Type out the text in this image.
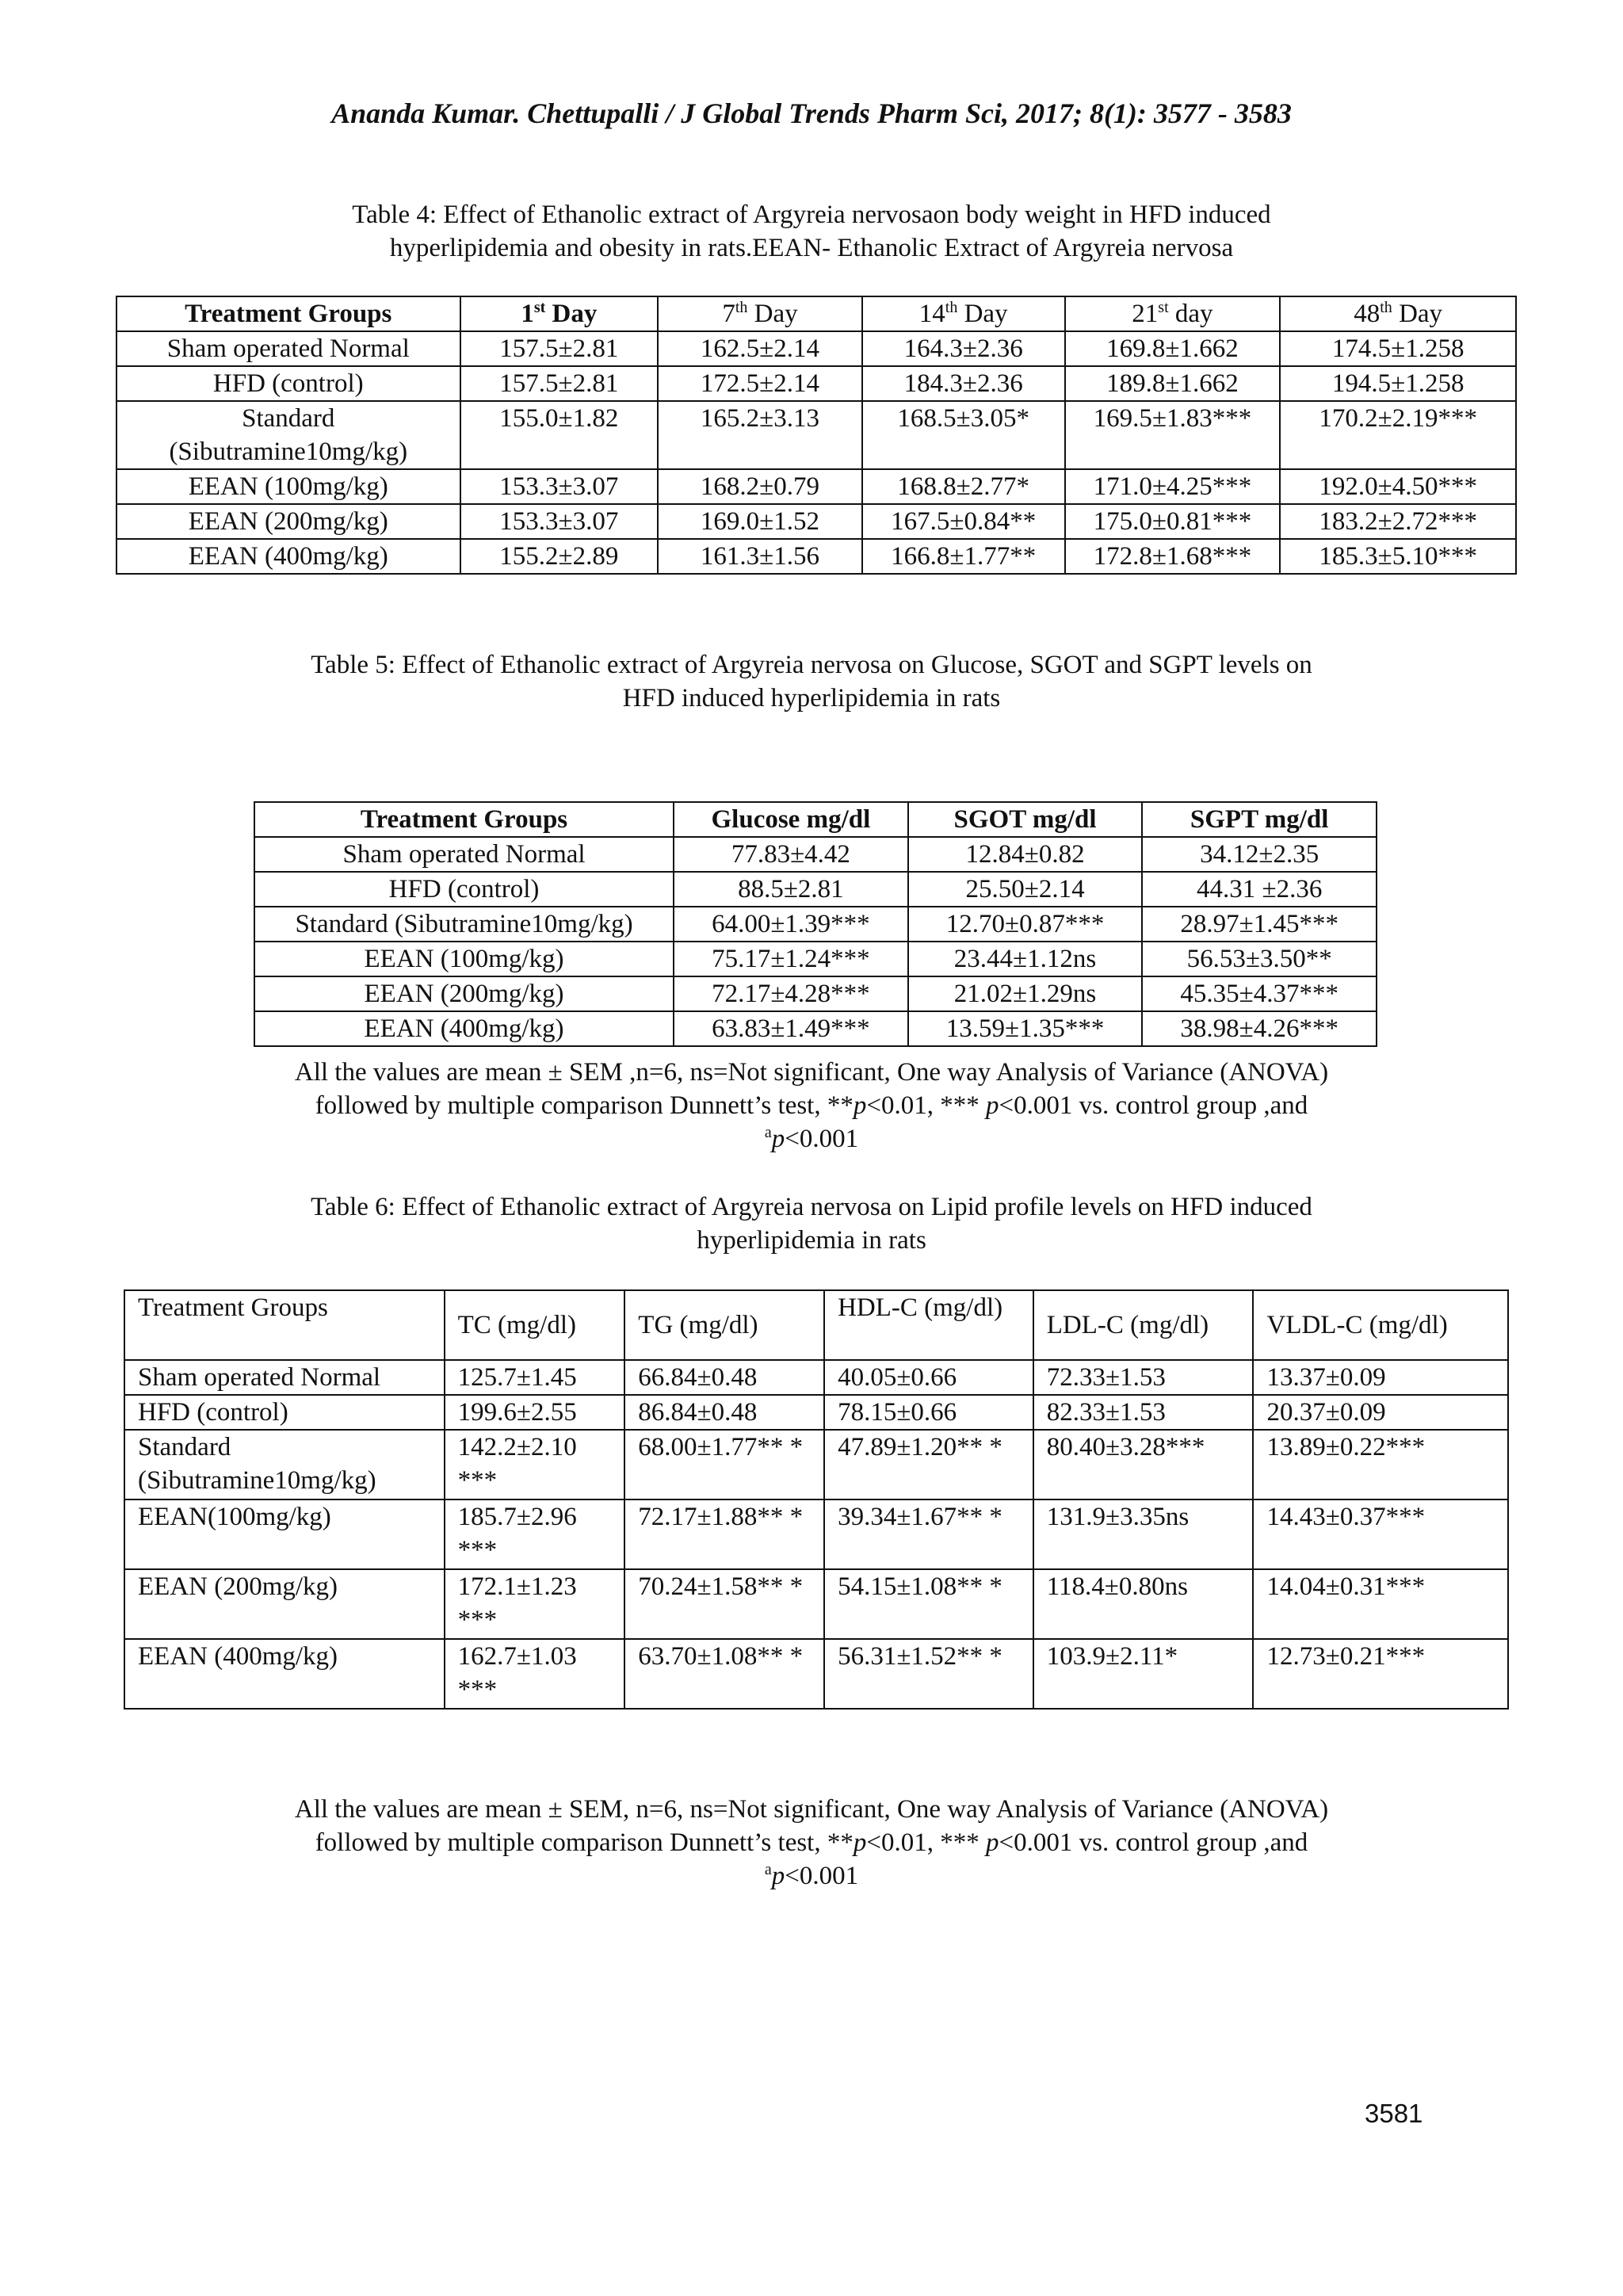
Ananda Kumar. Chettupalli / J Global Trends Pharm Sci, 2017; 8(1): 3577 - 3583
Table 4: Effect of Ethanolic extract of Argyreia nervosaon body weight in HFD induced
hyperlipidemia and obesity in rats.EEAN- Ethanolic Extract of Argyreia nervosa
Treatment Groups	1st Day	7th Day	14th Day	21st day	48th Day
Sham operated Normal	157.5±2.81	162.5±2.14	164.3±2.36	169.8±1.662	174.5±1.258
HFD (control)	157.5±2.81	172.5±2.14	184.3±2.36	189.8±1.662	194.5±1.258
Standard (Sibutramine10mg/kg)	155.0±1.82	165.2±3.13	168.5±3.05*	169.5±1.83***	170.2±2.19***
EEAN (100mg/kg)	153.3±3.07	168.2±0.79	168.8±2.77*	171.0±4.25***	192.0±4.50***
EEAN (200mg/kg)	153.3±3.07	169.0±1.52	167.5±0.84**	175.0±0.81***	183.2±2.72***
EEAN (400mg/kg)	155.2±2.89	161.3±1.56	166.8±1.77**	172.8±1.68***	185.3±5.10***
Table 5: Effect of Ethanolic extract of Argyreia nervosa on Glucose, SGOT and SGPT levels on
HFD induced hyperlipidemia in rats
Treatment Groups	Glucose mg/dl	SGOT mg/dl	SGPT mg/dl
Sham operated Normal	77.83±4.42	12.84±0.82	34.12±2.35
HFD (control)	88.5±2.81	25.50±2.14	44.31 ±2.36
Standard (Sibutramine10mg/kg)	64.00±1.39***	12.70±0.87***	28.97±1.45***
EEAN (100mg/kg)	75.17±1.24***	23.44±1.12ns	56.53±3.50**
EEAN (200mg/kg)	72.17±4.28***	21.02±1.29ns	45.35±4.37***
EEAN (400mg/kg)	63.83±1.49***	13.59±1.35***	38.98±4.26***
All the values are mean ± SEM ,n=6, ns=Not significant, One way Analysis of Variance (ANOVA)
followed by multiple comparison Dunnett’s test, **p<0.01, *** p<0.001 vs. control group ,and
$^a$p<0.001
Table 6: Effect of Ethanolic extract of Argyreia nervosa on Lipid profile levels on HFD induced
hyperlipidemia in rats
Treatment Groups	TC (mg/dl)	TG (mg/dl)	HDL-C (mg/dl)	LDL-C (mg/dl)	VLDL-C (mg/dl)
Sham operated Normal	125.7±1.45	66.84±0.48	40.05±0.66	72.33±1.53	13.37±0.09
HFD (control)	199.6±2.55	86.84±0.48	78.15±0.66	82.33±1.53	20.37±0.09
Standard (Sibutramine10mg/kg)	142.2±2.10 ***	68.00±1.77** *	47.89±1.20** *	80.40±3.28***	13.89±0.22***
EEAN(100mg/kg)	185.7±2.96 ***	72.17±1.88** *	39.34±1.67** *	131.9±3.35ns	14.43±0.37***
EEAN (200mg/kg)	172.1±1.23 ***	70.24±1.58** *	54.15±1.08** *	118.4±0.80ns	14.04±0.31***
EEAN (400mg/kg)	162.7±1.03 ***	63.70±1.08** *	56.31±1.52** *	103.9±2.11*	12.73±0.21***
All the values are mean ± SEM, n=6, ns=Not significant, One way Analysis of Variance (ANOVA)
followed by multiple comparison Dunnett’s test, **p<0.01, *** p<0.001 vs. control group ,and
$^a$p<0.001
3581
